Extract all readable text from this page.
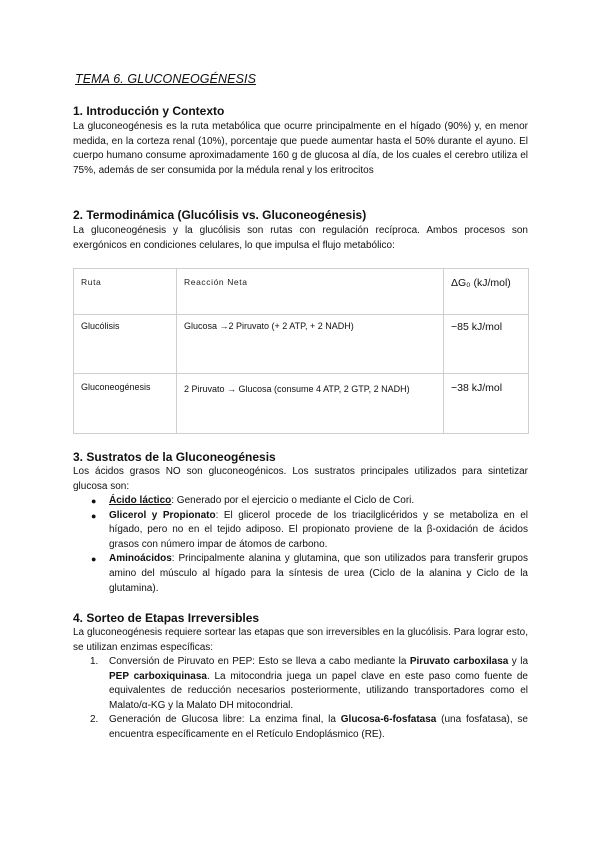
TEMA 6. GLUCONEOGÉNESIS
1. Introducción y Contexto

La gluconeogénesis es la ruta metabólica que ocurre principalmente en el hígado (90%) y, en menor medida, en la corteza renal (10%), porcentaje que puede aumentar hasta el 50% durante el ayuno. El cuerpo humano consume aproximadamente 160 g de glucosa al día, de los cuales el cerebro utiliza el 75%, además de ser consumida por la médula renal y los eritrocitos

2. Termodinámica (Glucólisis vs. Gluconeogénesis)

La gluconeogénesis y la glucólisis son rutas con regulación recíproca. Ambos procesos son exergónicos en condiciones celulares, lo que impulsa el flujo metabólico:

Ruta	Reacción Neta	ΔG₀ (kJ/mol)
Glucólisis	Glucosa →2 Piruvato (+ 2 ATP, + 2 NADH)	−85 kJ/mol
Gluconeogénesis	2 Piruvato → Glucosa (consume 4 ATP, 2 GTP, 2 NADH)	−38 kJ/mol
3. Sustratos de la Gluconeogénesis

Los ácidos grasos NO son gluconeogénicos. Los sustratos principales utilizados para sintetizar glucosa son:

● Ácido láctico: Generado por el ejercicio o mediante el Ciclo de Cori.
● Glicerol y Propionato: El glicerol procede de los triacilglicéridos y se metaboliza en el hígado, pero no en el tejido adiposo. El propionato proviene de la β-oxidación de ácidos grasos con número impar de átomos de carbono.
● Aminoácidos: Principalmente alanina y glutamina, que son utilizados para transferir grupos amino del músculo al hígado para la síntesis de urea (Ciclo de la alanina y Ciclo de la glutamina).
4. Sorteo de Etapas Irreversibles

La gluconeogénesis requiere sortear las etapas que son irreversibles en la glucólisis. Para lograr esto, se utilizan enzimas específicas:

1. Conversión de Piruvato en PEP: Esto se lleva a cabo mediante la Piruvato carboxilasa y la PEP carboxiquinasa. La mitocondria juega un papel clave en este paso como fuente de equivalentes de reducción necesarios posteriormente, utilizando transportadores como el Malato/α-KG y la Malato DH mitocondrial.
2. Generación de Glucosa libre: La enzima final, la Glucosa-6-fosfatasa (una fosfatasa), se encuentra específicamente en el Retículo Endoplásmico (RE).
